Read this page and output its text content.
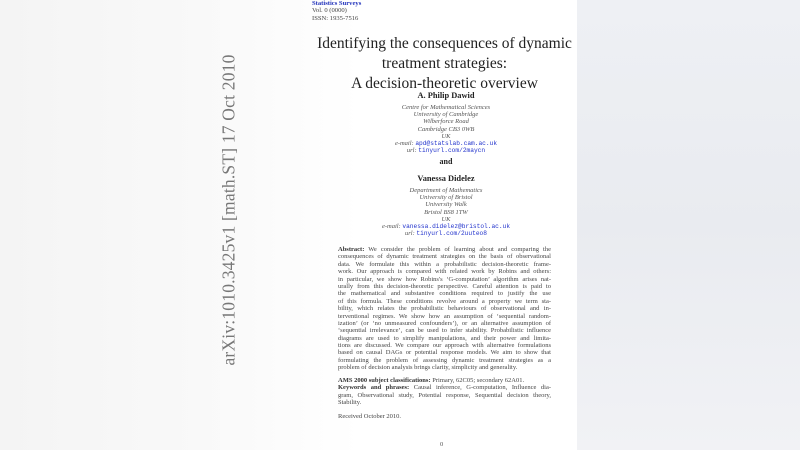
arXiv:1010.3425v1 [math.ST] 17 Oct 2010
Statistics Surveys
Vol. 0 (0000)
ISSN: 1935-7516
Identifying the consequences of dynamic
treatment strategies:
A decision-theoretic overview
A. Philip Dawid
Centre for Mathematical Sciences
University of Cambridge
Wilberforce Road
Cambridge CB3 0WB
UK
e-mail: apd@statslab.cam.ac.uk
url: tinyurl.com/2maycn
and
Vanessa Didelez
Department of Mathematics
University of Bristol
University Walk
Bristol BS8 1TW
UK
e-mail: vanessa.didelez@bristol.ac.uk
url: tinyurl.com/2uuteo8
Abstract: We consider the problem of learning about and comparing the
consequences of dynamic treatment strategies on the basis of observational
data. We formulate this within a probabilistic decision-theoretic frame-
work. Our approach is compared with related work by Robins and others:
in particular, we show how Robins's ‘G-computation’ algorithm arises nat-
urally from this decision-theoretic perspective. Careful attention is paid to
the mathematical and substantive conditions required to justify the use
of this formula. These conditions revolve around a property we term sta-
bility, which relates the probabilistic behaviours of observational and in-
terventional regimes. We show how an assumption of ‘sequential random-
ization’ (or ‘no unmeasured confounders’), or an alternative assumption of
‘sequential irrelevance’, can be used to infer stability. Probabilistic influence
diagrams are used to simplify manipulations, and their power and limita-
tions are discussed. We compare our approach with alternative formulations
based on causal DAGs or potential response models. We aim to show that
formulating the problem of assessing dynamic treatment strategies as a
problem of decision analysis brings clarity, simplicity and generality.
AMS 2000 subject classifications: Primary, 62C05; secondary 62A01.
Keywords and phrases: Causal inference, G-computation, Influence dia-
gram, Observational study, Potential response, Sequential decision theory,
Stability.
Received October 2010.
0
